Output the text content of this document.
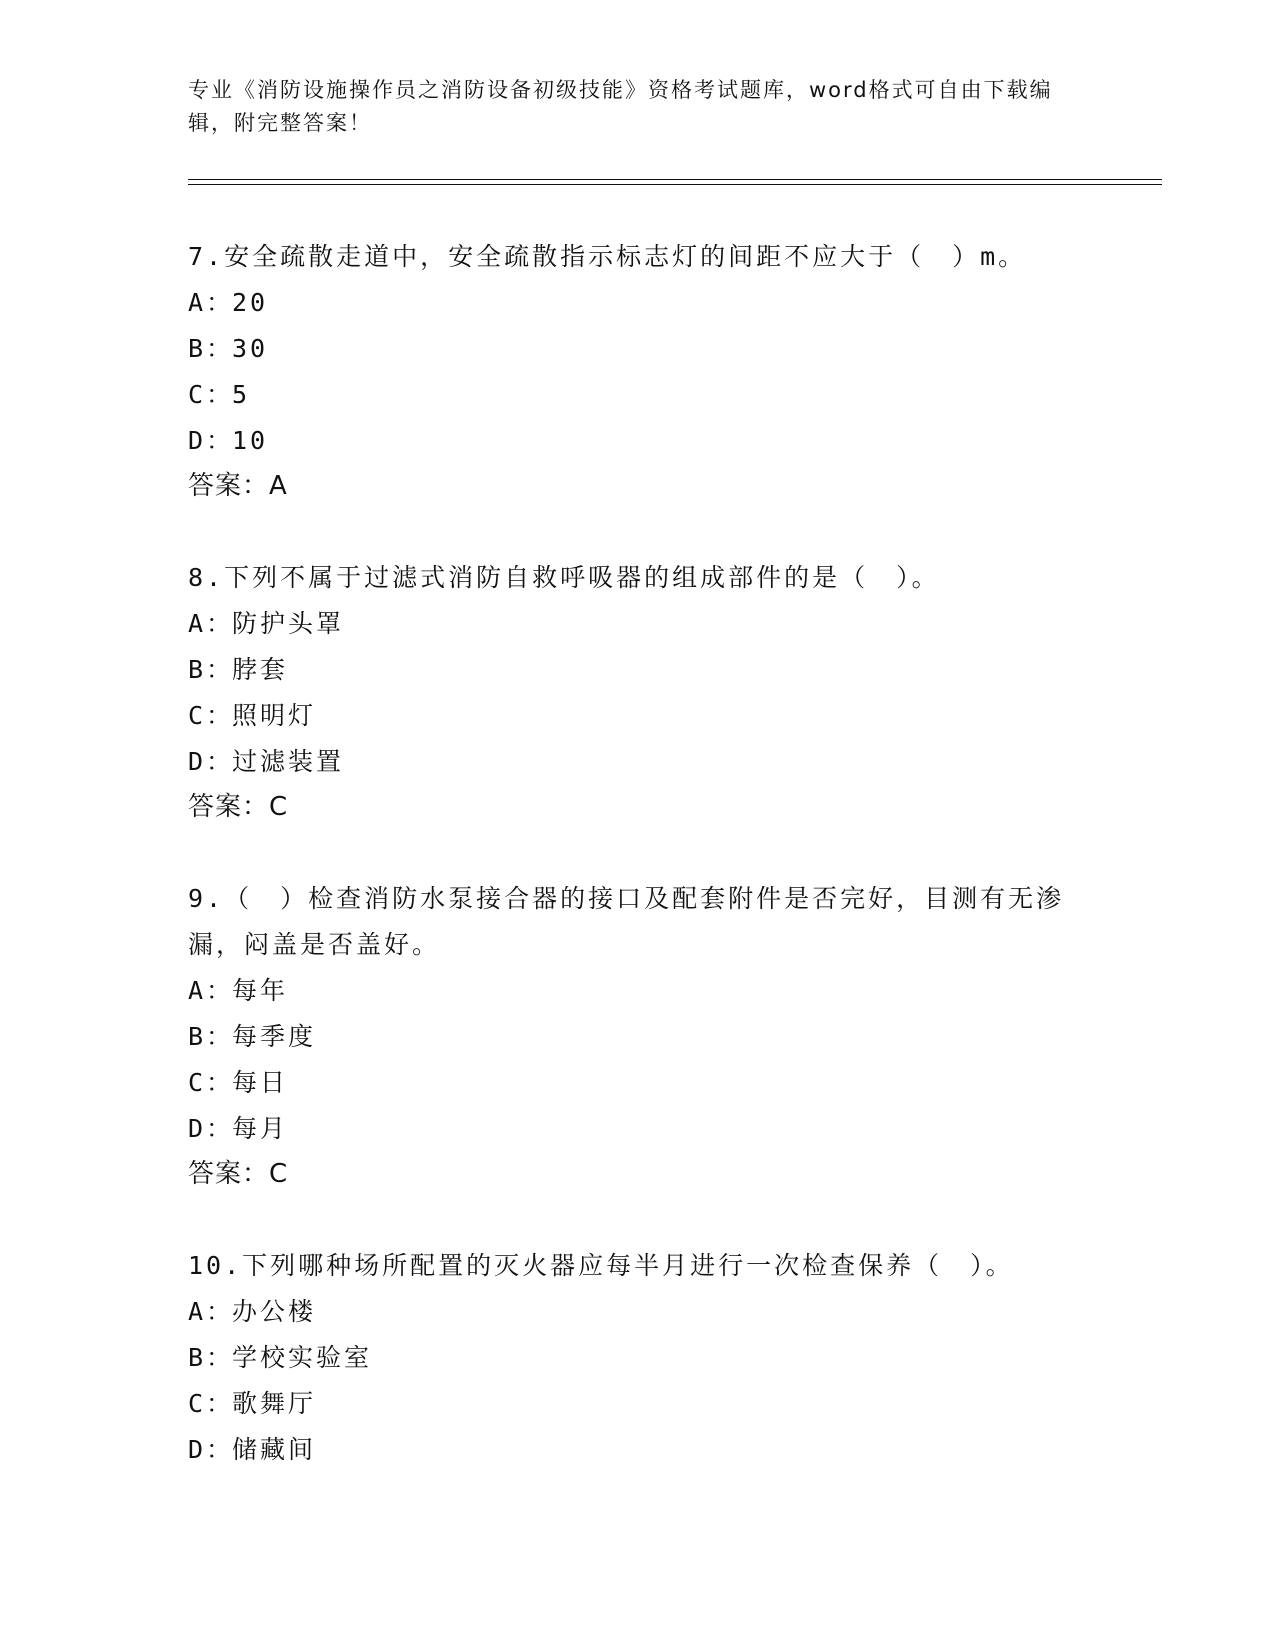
专业《消防设施操作员之消防设备初级技能》资格考试题库，word格式可自由下载编辑，附完整答案！
7.安全疏散走道中，安全疏散指示标志灯的间距不应大于（　）m。
A：20
B：30
C：5
D：10
答案：A
8.下列不属于过滤式消防自救呼吸器的组成部件的是（　）。
A：防护头罩
B：脖套
C：照明灯
D：过滤装置
答案：C
9.（　）检查消防水泵接合器的接口及配套附件是否完好，目测有无渗漏，闷盖是否盖好。
A：每年
B：每季度
C：每日
D：每月
答案：C
10.下列哪种场所配置的灭火器应每半月进行一次检查保养（　）。
A：办公楼
B：学校实验室
C：歌舞厅
D：储藏间
